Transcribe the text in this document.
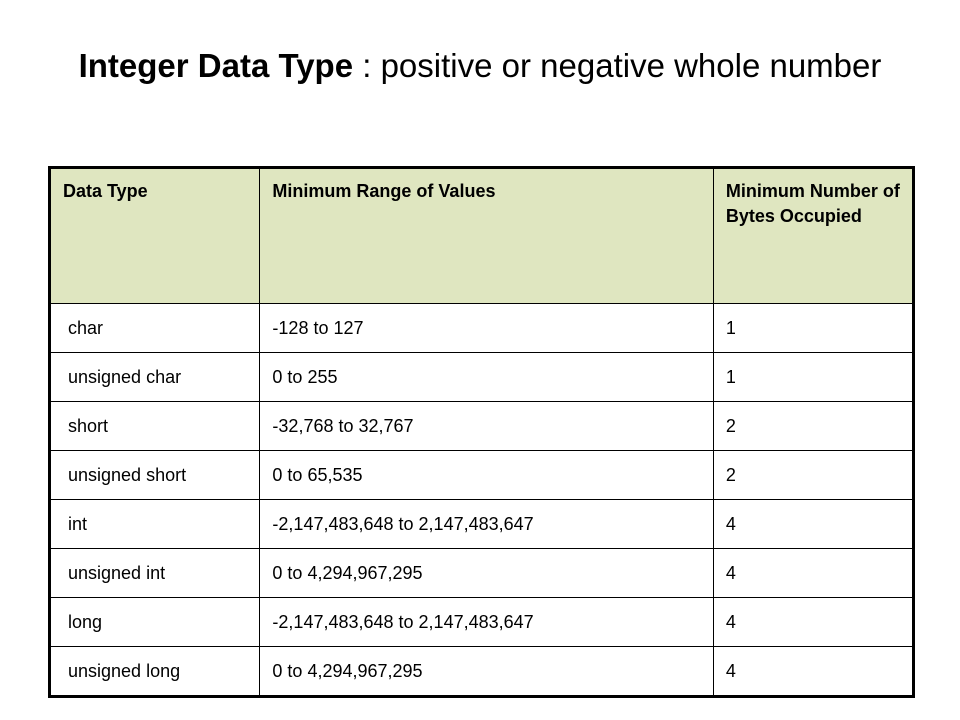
Integer Data Type : positive or negative whole number
Data Type	Minimum Range of Values	Minimum Number of Bytes Occupied
char	-128 to 127	1
unsigned char	0 to 255	1
short	-32,768 to 32,767	2
unsigned short	0 to 65,535	2
int	-2,147,483,648 to 2,147,483,647	4
unsigned int	0 to 4,294,967,295	4
long	-2,147,483,648 to 2,147,483,647	4
unsigned long	0 to 4,294,967,295	4
